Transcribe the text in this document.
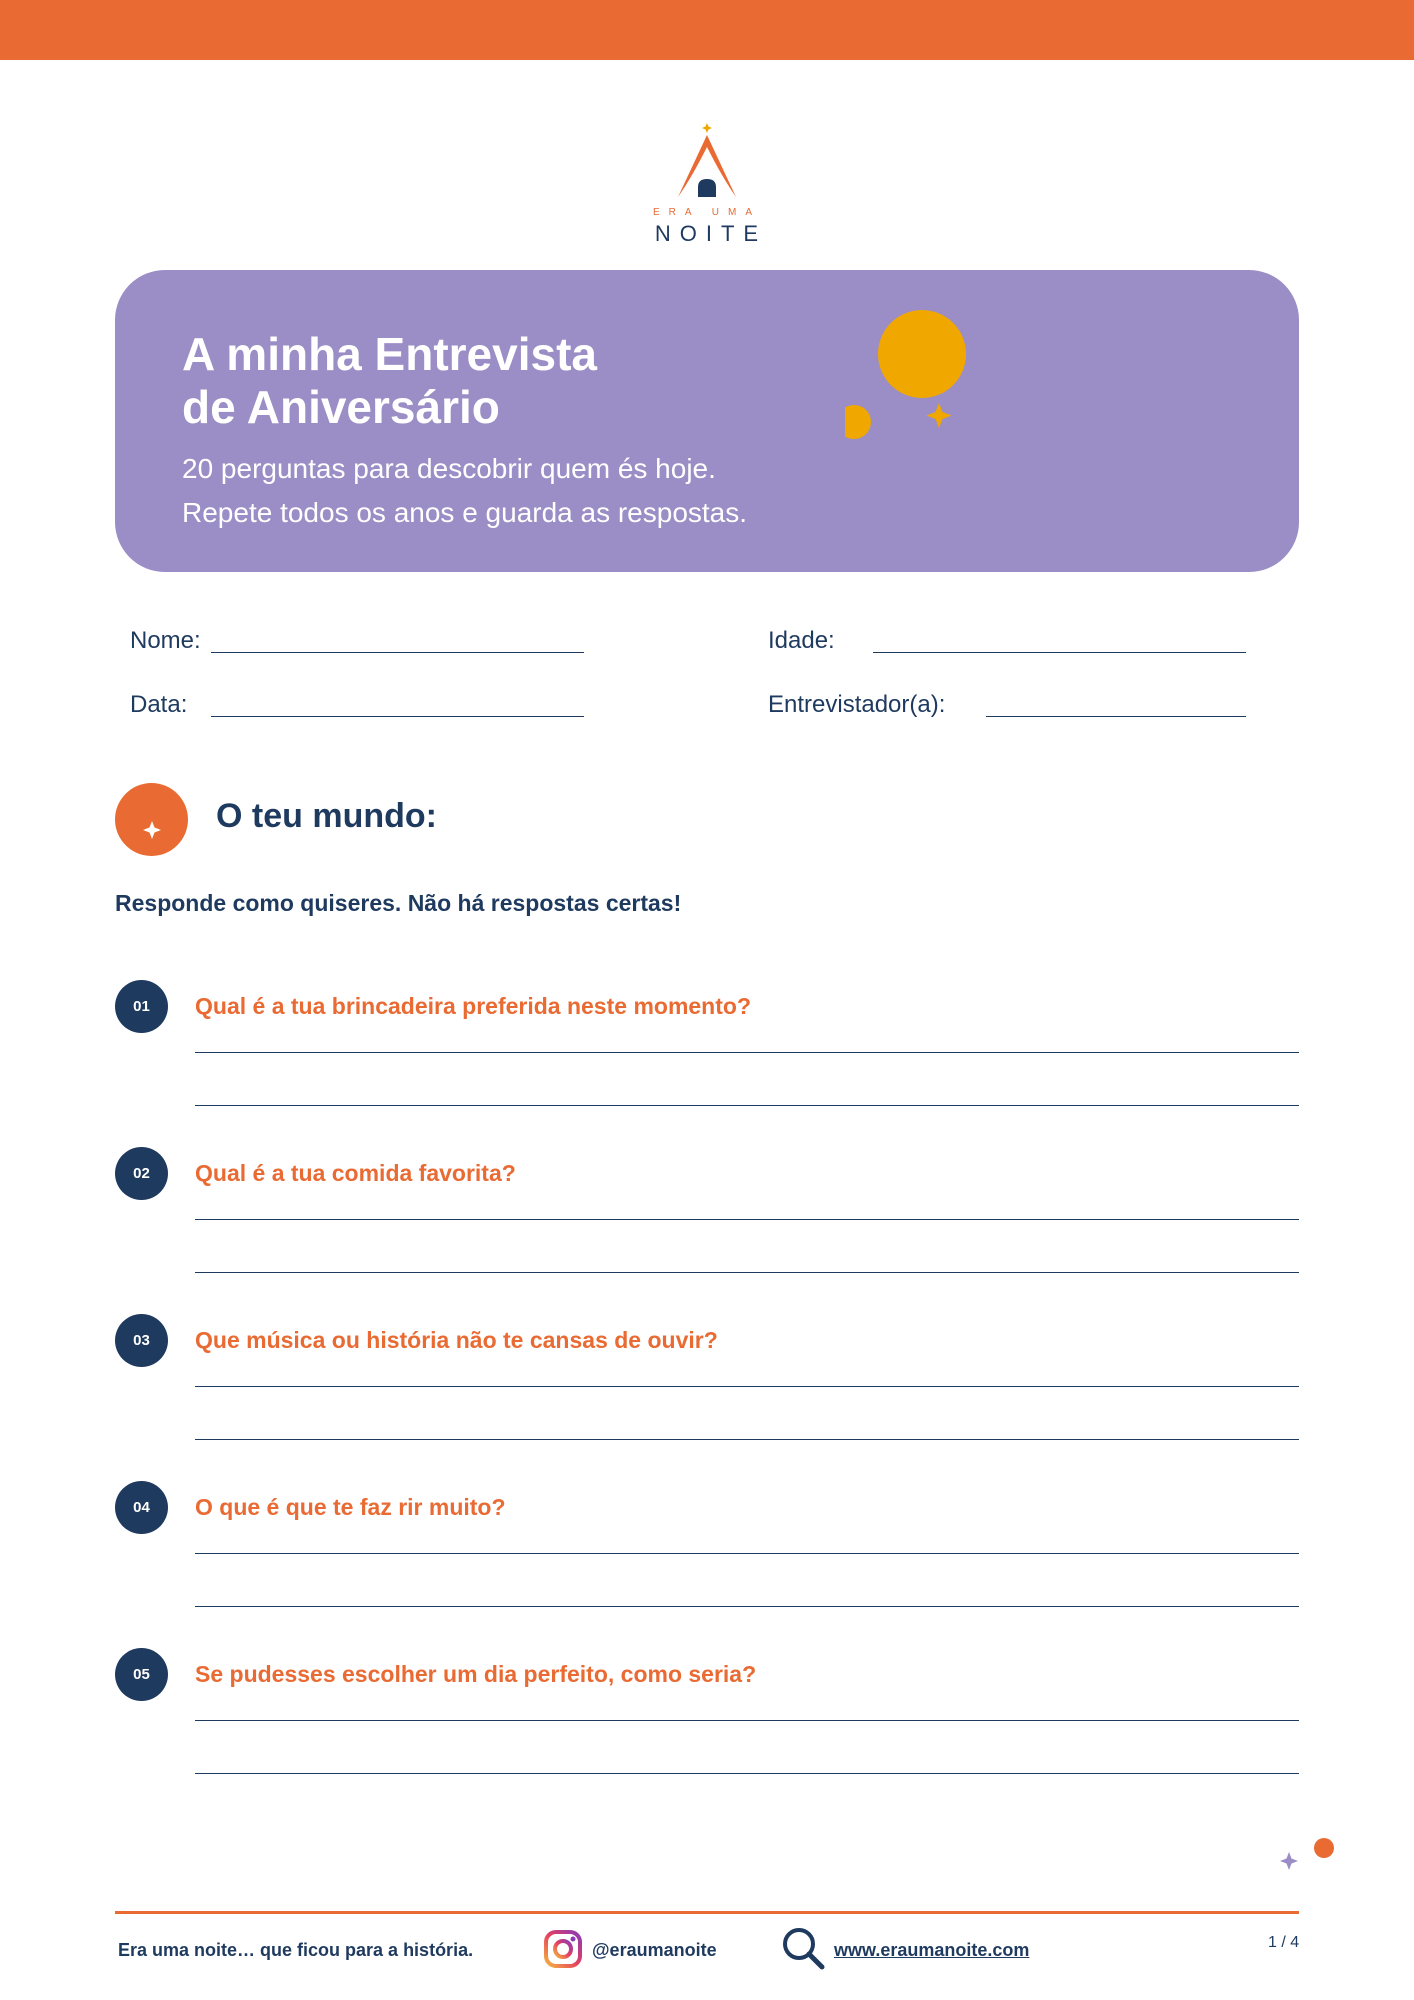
ERA UMA
NOITE
A minha Entrevista
de Aniversário

20 perguntas para descobrir quem és hoje.
Repete todos os anos e guarda as respostas.

Nome:	Idade:
Data:	Entrevistador(a):
O teu mundo:

Responde como quiseres. Não há respostas certas!

01	Qual é a tua brincadeira preferida neste momento?

02	Qual é a tua comida favorita?

03	Que música ou história não te cansas de ouvir?

04	O que é que te faz rir muito?

05	Se pudesses escolher um dia perfeito, como seria?

Era uma noite… que ficou para a história.	@eraumanoite	www.eraumanoite.com	1 / 4
